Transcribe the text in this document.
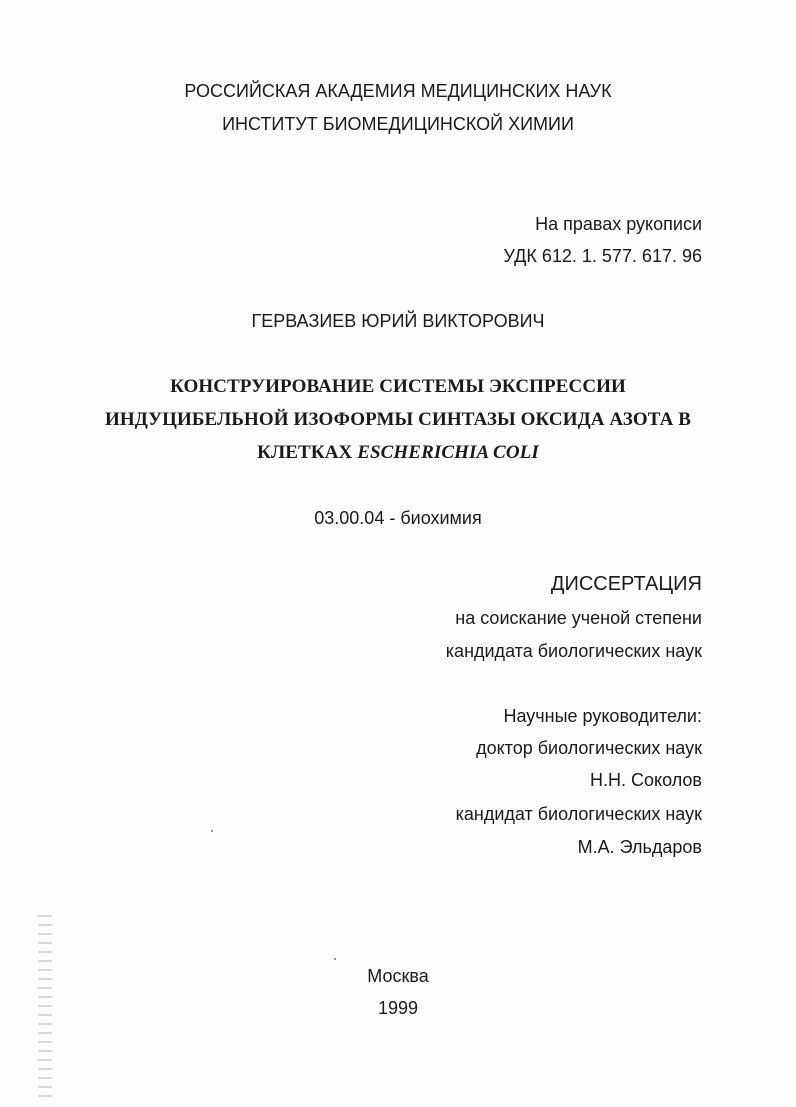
РОССИЙСКАЯ АКАДЕМИЯ МЕДИЦИНСКИХ НАУК
ИНСТИТУТ БИОМЕДИЦИНСКОЙ ХИМИИ
На правах рукописи
УДК 612. 1. 577. 617. 96
ГЕРВАЗИЕВ ЮРИЙ ВИКТОРОВИЧ
КОНСТРУИРОВАНИЕ СИСТЕМЫ ЭКСПРЕССИИ
ИНДУЦИБЕЛЬНОЙ ИЗОФОРМЫ СИНТАЗЫ ОКСИДА АЗОТА В
КЛЕТКАХ ESCHERICHIA COLI
03.00.04 - биохимия
ДИССЕРТАЦИЯ
на соискание ученой степени
кандидата биологических наук
Научные руководители:
доктор биологических наук
Н.Н. Соколов
кандидат биологических наук
М.А. Эльдаров
Москва
1999
